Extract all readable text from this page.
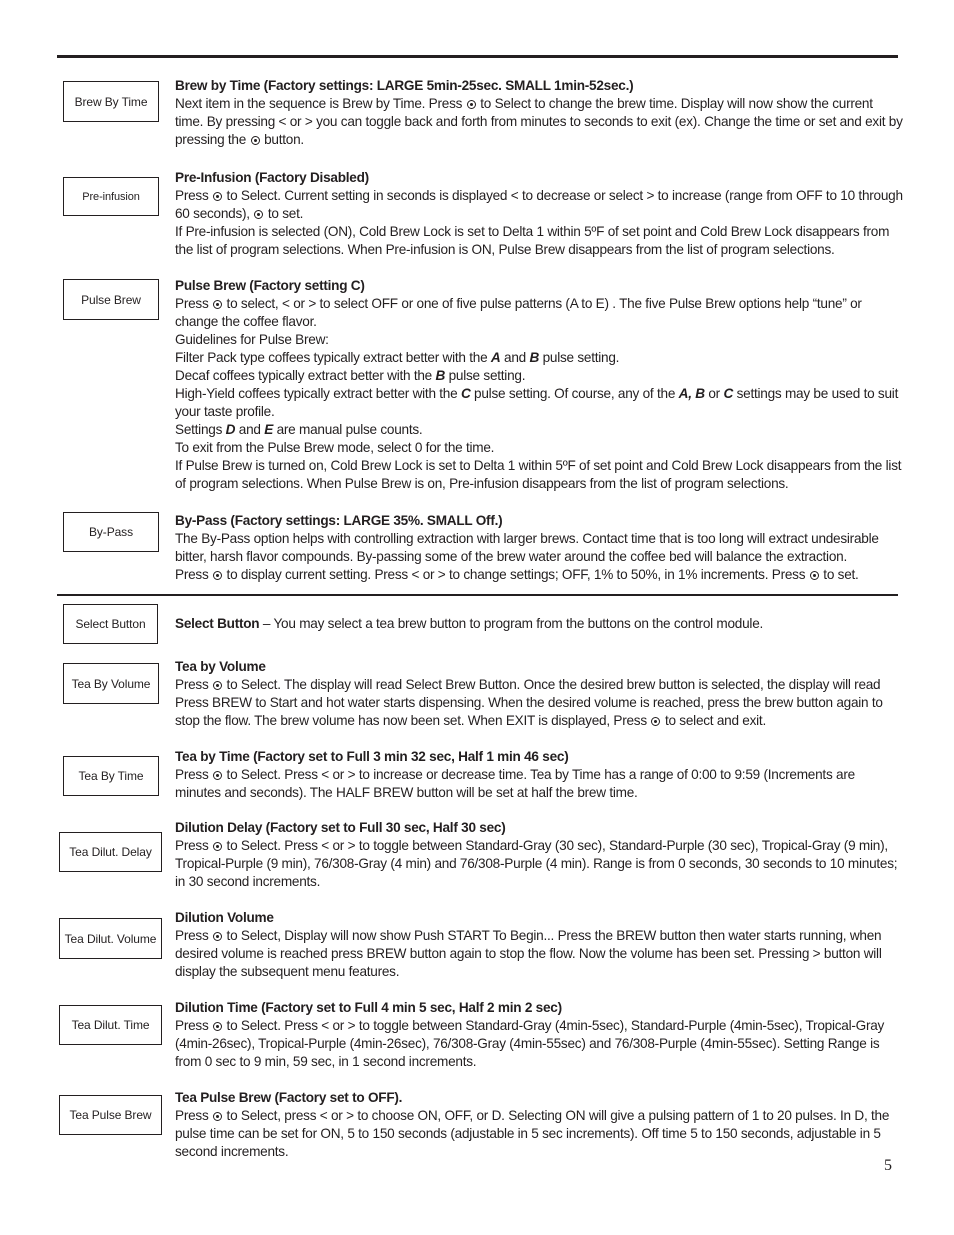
Brew By Time
Pre-infusion
Pulse Brew
By-Pass
Select Button
Tea By Volume
Tea By Time
Tea Dilut. Delay
Tea Dilut. Volume
Tea Dilut. Time
Tea Pulse Brew

Brew by Time (Factory settings: LARGE 5min-25sec. SMALL 1min-52sec.)

Next item in the sequence is Brew by Time. Press  to Select to change the brew time. Display will now show the current time. By pressing < or > you can toggle back and forth from minutes to seconds to exit (ex). Change the time or set and exit by pressing the  button.

Pre-Infusion (Factory Disabled)

Press  to Select. Current setting in seconds is displayed < to decrease or select > to increase (range from OFF to 10 through 60 seconds),  to set.

If Pre-infusion is selected (ON), Cold Brew Lock is set to Delta 1 within 5ºF of set point and Cold Brew Lock disappears from the list of program selections. When Pre-infusion is ON, Pulse Brew disappears from the list of program selections.

Pulse Brew (Factory setting C)

Press  to select, < or > to select OFF or one of five pulse patterns (A to E) . The five Pulse Brew options help “tune” or change the coffee flavor.

Guidelines for Pulse Brew:

Filter Pack type coffees typically extract better with the A and B pulse setting.

Decaf coffees typically extract better with the B pulse setting.

High-Yield coffees typically extract better with the C pulse setting. Of course, any of the A, B or C settings may be used to suit your taste profile.

Settings D and E are manual pulse counts.

To exit from the Pulse Brew mode, select 0 for the time.

If Pulse Brew is turned on, Cold Brew Lock is set to Delta 1 within 5ºF of set point and Cold Brew Lock disappears from the list of program selections. When Pulse Brew is on, Pre-infusion disappears from the list of program selections.

By-Pass (Factory settings: LARGE 35%. SMALL Off.)

The By-Pass option helps with controlling extraction with larger brews. Contact time that is too long will extract undesirable bitter, harsh flavor compounds. By-passing some of the brew water around the coffee bed will balance the extraction.

Press  to display current setting. Press < or > to change settings; OFF, 1% to 50%, in 1% increments. Press  to set.

Select Button – You may select a tea brew button to program from the buttons on the control module.

Tea by Volume

Press  to Select. The display will read Select Brew Button. Once the desired brew button is selected, the display will read Press BREW to Start and hot water starts dispensing. When the desired volume is reached, press the brew button again to stop the flow. The brew volume has now been set. When EXIT is displayed, Press  to select and exit.

Tea by Time (Factory set to Full 3 min 32 sec, Half 1 min 46 sec)

Press  to Select. Press < or > to increase or decrease time. Tea by Time has a range of 0:00 to 9:59 (Increments are minutes and seconds). The HALF BREW button will be set at half the brew time.

Dilution Delay (Factory set to Full 30 sec, Half 30 sec)

Press  to Select. Press < or > to toggle between Standard-Gray (30 sec), Standard-Purple (30 sec), Tropical-Gray (9 min), Tropical-Purple (9 min), 76/308-Gray (4 min) and 76/308-Purple (4 min). Range is from 0 seconds, 30 seconds to 10 minutes; in 30 second increments.

Dilution Volume

Press  to Select, Display will now show Push START To Begin... Press the BREW button then water starts running, when desired volume is reached press BREW button again to stop the flow. Now the volume has been set. Pressing > button will display the subsequent menu features.

Dilution Time (Factory set to Full 4 min 5 sec, Half 2 min 2 sec)

Press  to Select. Press < or > to toggle between Standard-Gray (4min-5sec), Standard-Purple (4min-5sec), Tropical-Gray (4min-26sec), Tropical-Purple (4min-26sec), 76/308-Gray (4min-55sec) and 76/308-Purple (4min-55sec). Setting Range is from 0 sec to 9 min, 59 sec, in 1 second increments.

Tea Pulse Brew (Factory set to OFF).

Press  to Select, press < or > to choose ON, OFF, or D. Selecting ON will give a pulsing pattern of 1 to 20 pulses. In D, the pulse time can be set for ON, 5 to 150 seconds (adjustable in 5 sec increments). Off time 5 to 150 seconds, adjustable in 5 second increments.

5
